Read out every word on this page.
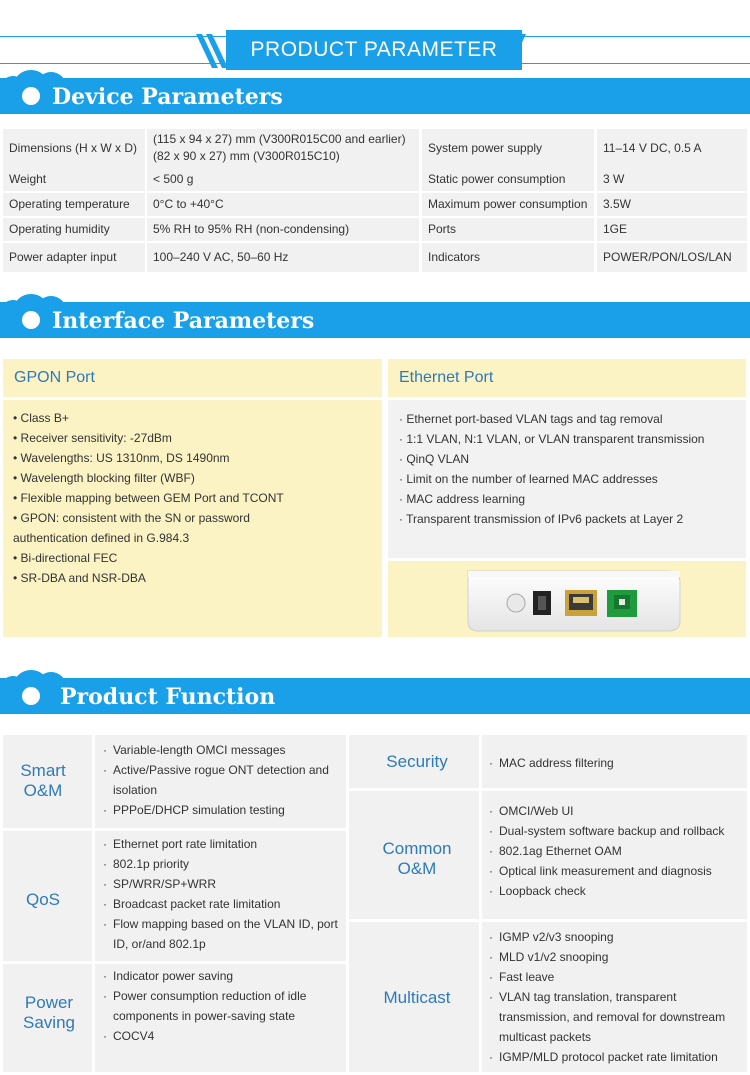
PRODUCT PARAMETER
Device Parameters
Dimensions (H x W x D)
(115 x 94 x 27) mm (V300R015C00 and earlier)
(82 x 90 x 27) mm (V300R015C10)
System power supply	11–14 V DC, 0.5 A
Weight	< 500 g	Static power consumption	3 W
Operating temperature	0°C to +40°C	Maximum power consumption	3.5W
Operating humidity	5% RH to 95% RH (non-condensing)	Ports	1GE
Power adapter input	100–240 V AC, 50–60 Hz	Indicators	POWER/PON/LOS/LAN
Interface Parameters
GPON Port
• Class B+
• Receiver sensitivity: -27dBm
• Wavelengths: US 1310nm, DS 1490nm
• Wavelength blocking filter (WBF)
• Flexible mapping between GEM Port and TCONT
• GPON: consistent with the SN or password
authentication defined in G.984.3
• Bi-directional FEC
• SR-DBA and NSR-DBA
Ethernet Port
· Ethernet port-based VLAN tags and tag removal
· 1:1 VLAN, N:1 VLAN, or VLAN transparent transmission
· QinQ VLAN
· Limit on the number of learned MAC addresses
· MAC address learning
· Transparent transmission of IPv6 packets at Layer 2
Product Function
Smart
O&M
· Variable-length OMCI messages
· Active/Passive rogue ONT detection and isolation
· PPPoE/DHCP simulation testing
QoS
· Ethernet port rate limitation
· 802.1p priority
· SP/WRR/SP+WRR
· Broadcast packet rate limitation
· Flow mapping based on the VLAN ID, port ID, or/and 802.1p
Power
Saving
· Indicator power saving
· Power consumption reduction of idle components in power-saving state
· COCV4
Security
·	MAC address filtering
Common
O&M
· OMCI/Web UI
· Dual-system software backup and rollback
· 802.1ag Ethernet OAM
· Optical link measurement and diagnosis
· Loopback check
Multicast
· IGMP v2/v3 snooping
· MLD v1/v2 snooping
· Fast leave
· VLAN tag translation, transparent transmission, and removal for downstream multicast packets
· IGMP/MLD protocol packet rate limitation
